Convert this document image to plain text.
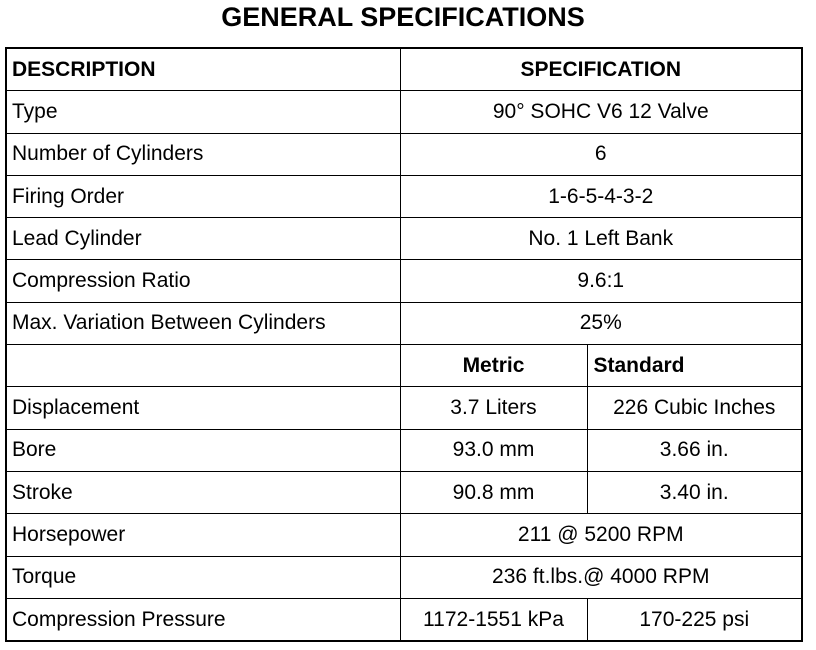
GENERAL SPECIFICATIONS
DESCRIPTION	SPECIFICATION	
Type	90° SOHC V6 12 Valve	
Number of Cylinders	6	
Firing Order	1-6-5-4-3-2	
Lead Cylinder	No. 1 Left Bank	
Compression Ratio	9.6:1	
Max. Variation Between Cylinders	25%	
	Metric	Standard
Displacement	3.7 Liters	226 Cubic Inches
Bore	93.0 mm	3.66 in.
Stroke	90.8 mm	3.40 in.
Horsepower	211 @ 5200 RPM	
Torque	236 ft.lbs.@ 4000 RPM	
Compression Pressure	1172-1551 kPa	170-225 psi
